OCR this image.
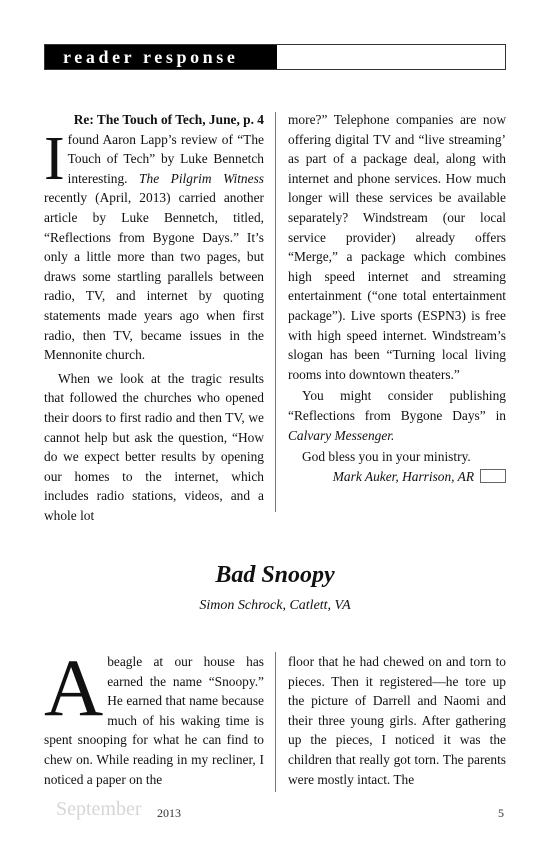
reader response

Re: The Touch of Tech, June, p. 4

I found Aaron Lapp’s review of “The Touch of Tech” by Luke Bennetch interesting. The Pilgrim Witness recently (April, 2013) carried another article by Luke Bennetch, titled, “Reflections from Bygone Days.” It’s only a little more than two pages, but draws some startling parallels between radio, TV, and internet by quoting statements made years ago when first radio, then TV, became issues in the Mennonite church.

When we look at the tragic results that followed the churches who opened their doors to first radio and then TV, we cannot help but ask the question, “How do we expect better results by opening our homes to the internet, which includes radio stations, videos, and a whole lot

more?” Telephone companies are now offering digital TV and “live streaming’ as part of a package deal, along with internet and phone services. How much longer will these services be available separately? Windstream (our local service provider) already offers “Merge,” a package which combines high speed internet and streaming entertainment (“one total entertainment package”). Live sports (ESPN3) is free with high speed internet. Windstream’s slogan has been “Turning local living rooms into downtown theaters.”

You might consider publishing “Reflections from Bygone Days” in Calvary Messenger.

God bless you in your ministry.

Mark Auker, Harrison, AR

Bad Snoopy
Simon Schrock, Catlett, VA

Abeagle at our house has earned the name “Snoopy.” He earned that name because much of his waking time is spent snooping for what he can find to chew on. While reading in my recliner, I noticed a paper on the

floor that he had chewed on and torn to pieces. Then it registered—he tore up the picture of Darrell and Naomi and their three young girls. After gathering up the pieces, I noticed it was the children that really got torn. The parents were mostly intact. The

September 2013	5
